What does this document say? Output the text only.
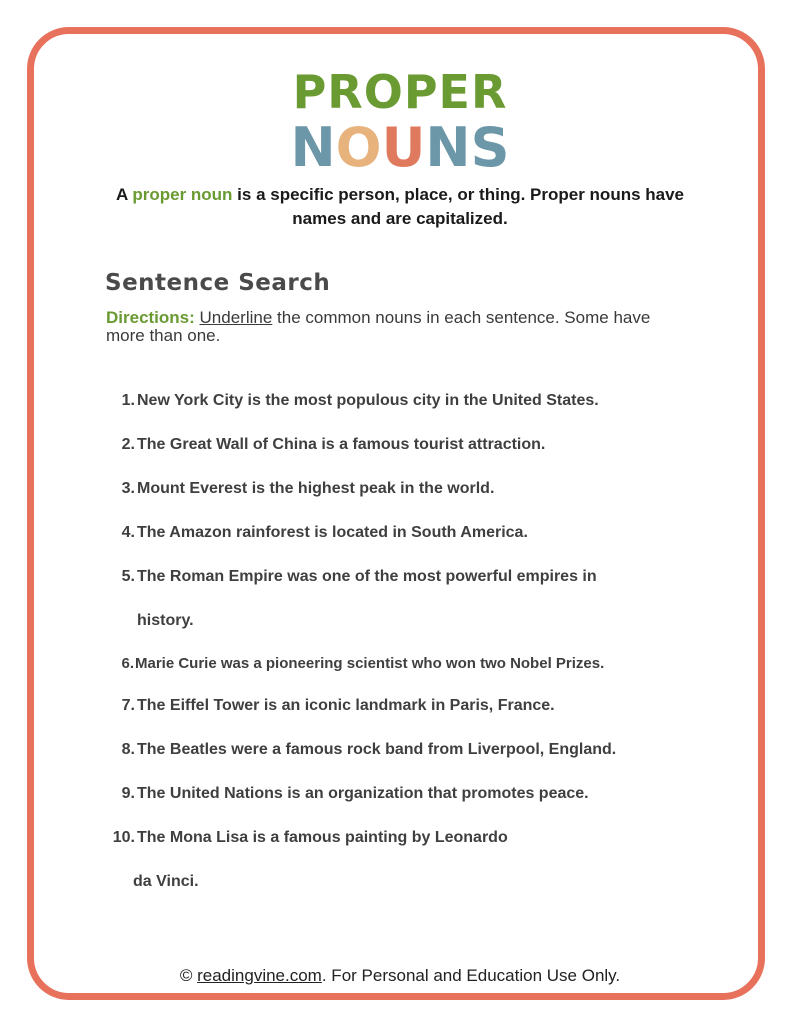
PROPER
NOUNS
A proper noun is a specific person, place, or thing. Proper nouns have names and are capitalized.
Sentence Search
Directions: Underline the common nouns in each sentence. Some have more than one.
1. New York City is the most populous city in the United States.
2. The Great Wall of China is a famous tourist attraction.
3. Mount Everest is the highest peak in the world.
4. The Amazon rainforest is located in South America.
5. The Roman Empire was one of the most powerful empires in
history.
6. Marie Curie was a pioneering scientist who won two Nobel Prizes.
7. The Eiffel Tower is an iconic landmark in Paris, France.
8. The Beatles were a famous rock band from Liverpool, England.
9. The United Nations is an organization that promotes peace.
10. The Mona Lisa is a famous painting by Leonardo
da Vinci.
© readingvine.com. For Personal and Education Use Only.
